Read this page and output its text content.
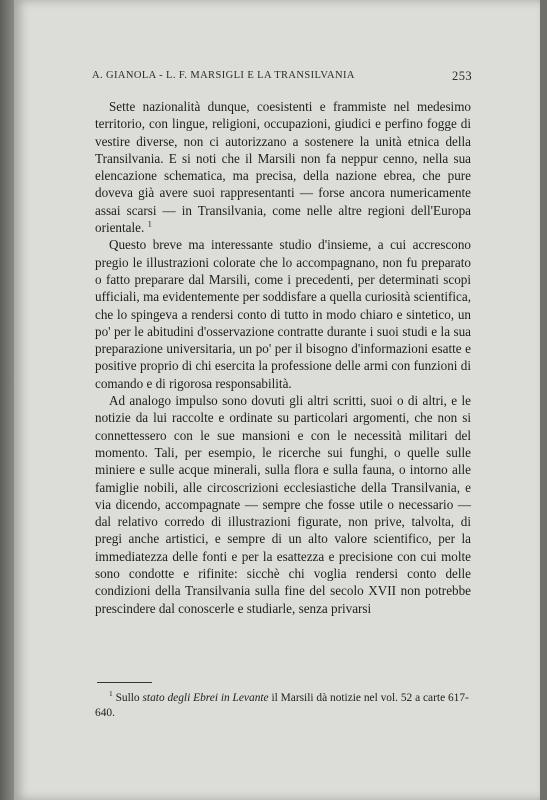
A. GIANOLA - L. F. MARSIGLI E LA TRANSILVANIA	253

Sette nazionalità dunque, coesistenti e frammiste nel medesimo territorio, con lingue, religioni, occupazioni, giudici e perfino fogge di vestire diverse, non ci autorizzano a sostenere la unità etnica della Transilvania. E si noti che il Marsili non fa neppur cenno, nella sua elencazione schematica, ma precisa, della nazione ebrea, che pure doveva già avere suoi rappresentanti — forse ancora numericamente assai scarsi — in Transilvania, come nelle altre regioni dell'Europa orientale. $^1$

Questo breve ma interessante studio d'insieme, a cui accrescono pregio le illustrazioni colorate che lo accompagnano, non fu preparato o fatto preparare dal Marsili, come i precedenti, per determinati scopi ufficiali, ma evidentemente per soddisfare a quella curiosità scientifica, che lo spingeva a rendersi conto di tutto in modo chiaro e sintetico, un po' per le abitudini d'osservazione contratte durante i suoi studi e la sua preparazione universitaria, un po' per il bisogno d'informazioni esatte e positive proprio di chi esercita la professione delle armi con funzioni di comando e di rigorosa responsabilità.

Ad analogo impulso sono dovuti gli altri scritti, suoi o di altri, e le notizie da lui raccolte e ordinate su particolari argomenti, che non si connettessero con le sue mansioni e con le necessità militari del momento. Tali, per esempio, le ricerche sui funghi, o quelle sulle miniere e sulle acque minerali, sulla flora e sulla fauna, o intorno alle famiglie nobili, alle circoscrizioni ecclesiastiche della Transilvania, e via dicendo, accompagnate — sempre che fosse utile o necessario — dal relativo corredo di illustrazioni figurate, non prive, talvolta, di pregi anche artistici, e sempre di un alto valore scientifico, per la immediatezza delle fonti e per la esattezza e precisione con cui molte sono condotte e rifinite: sicchè chi voglia rendersi conto delle condizioni della Transilvania sulla fine del secolo XVII non potrebbe prescindere dal conoscerle e studiarle, senza privarsi

$^1$ Sullo stato degli Ebrei in Levante il Marsili dà notizie nel vol. 52 a carte 617-640.
